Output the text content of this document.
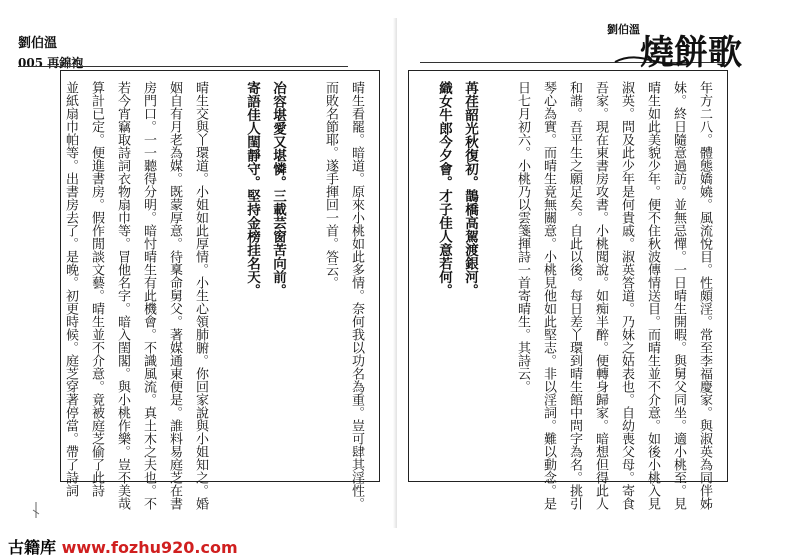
劉伯溫
005 再錦袍
晴生看罷。暗道。原來小桃如此多情。奈何我以功名為重。豈可肆其淫性。
而敗名節耶。遂手揮回一首。答云。
冶容堪愛又堪憐。三載芸窗苦向前。
寄語佳人閨靜守。堅持金榜挂名天。
晴生交與丫環道。小姐如此厚情。小生心領肺腑。你回家說與小姐知之。婚
姻自有月老為媒。既蒙厚意。待稟命舅父。著媒通東便是。誰料易庭芝在書
房門口。一一聽得分明。暗忖晴生有此機會。不識風流。真土木之夫也。不
若今宵竊取詩詞衣物扇巾等。冒他名字。暗入閨閣。與小桃作樂。豈不美哉
算計已定。便進書房。假作閒談文藝。晴生並不介意。竟被庭芝偷了此詩
並紙扇巾帕等。出書房去了。是晚。初更時候。庭芝穿著停當。帶了詩詞
劉伯溫
燒餅歌
年方二八。體態嬌嬈。風流悅目。性頗淫。常至李福慶家。與淑英為同伴姊
妹。終日隨意過訪。並無忌憚。一日晴生開暇。與舅父同坐。適小桃至。見
晴生如此美貌少年。便不住秋波傳情送目。而晴生並不介意。如後小桃入見
淑英。問及此少年是何貴戚。淑英答道。乃妹之姑表也。自幼喪父母。寄食
吾家。現在東書房攻書。小桃聞說。如痴半醉。便轉身歸家。暗想但得此人
和諧。吾平生之願足矣。自此以後。每日差丫環到晴生館中問字為名。挑引
琴心為實。而晴生竟無關意。小桃見他如此堅志。非以淫詞。難以動念。是
日七月初六。小桃乃以雲箋揮詩一首寄晴生。其詩云。
苒荏韶光秋復初。鵲橋高駕渡銀河。
織女牛郎今夕會。才子佳人意若何。
古籍库 www.fozhu920.com
